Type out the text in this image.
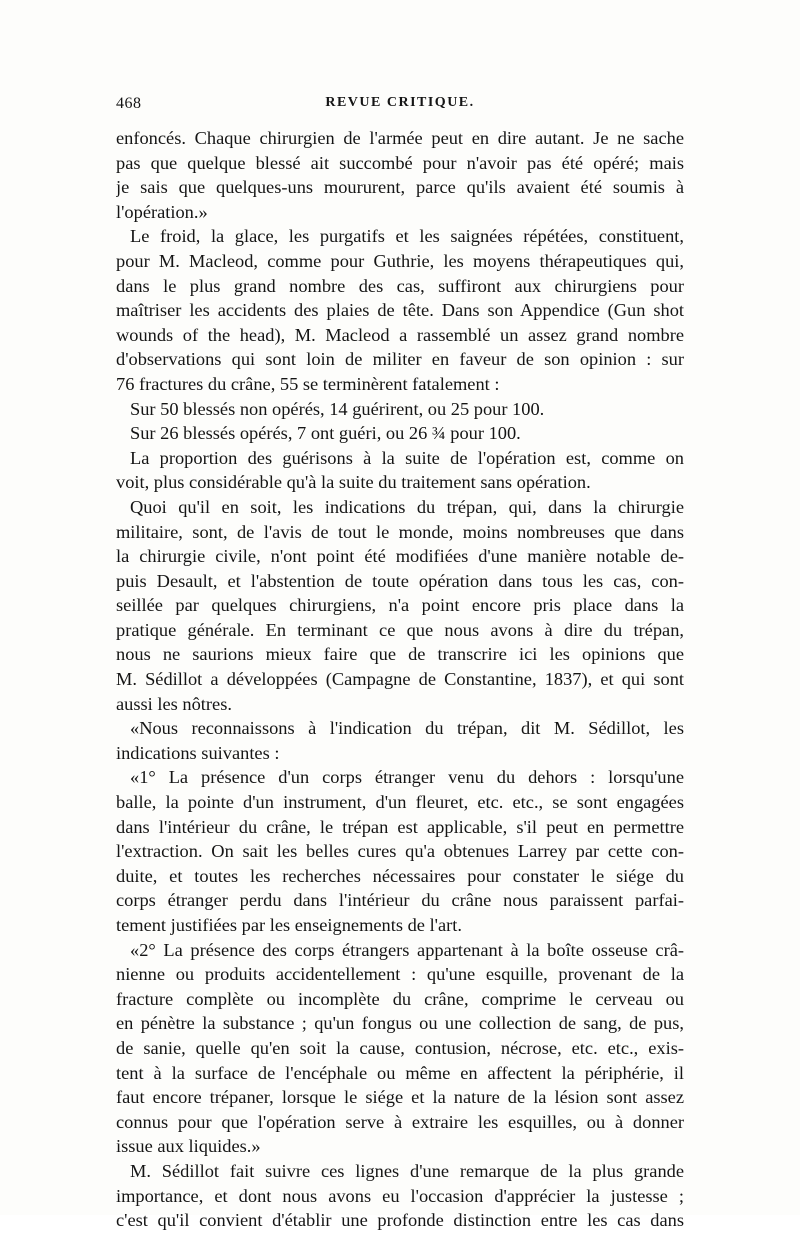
468	REVUE CRITIQUE.
enfoncés. Chaque chirurgien de l'armée peut en dire autant. Je ne sache
pas que quelque blessé ait succombé pour n'avoir pas été opéré; mais
je sais que quelques-uns moururent, parce qu'ils avaient été soumis à
l'opération.»
Le froid, la glace, les purgatifs et les saignées répétées, constituent,
pour M. Macleod, comme pour Guthrie, les moyens thérapeutiques qui,
dans le plus grand nombre des cas, suffiront aux chirurgiens pour
maîtriser les accidents des plaies de tête. Dans son Appendice (Gun shot
wounds of the head), M. Macleod a rassemblé un assez grand nombre
d'observations qui sont loin de militer en faveur de son opinion : sur
76 fractures du crâne, 55 se terminèrent fatalement :
Sur 50 blessés non opérés, 14 guérirent, ou 25 pour 100.
Sur 26 blessés opérés, 7 ont guéri, ou 26 ¾ pour 100.
La proportion des guérisons à la suite de l'opération est, comme on
voit, plus considérable qu'à la suite du traitement sans opération.
Quoi qu'il en soit, les indications du trépan, qui, dans la chirurgie
militaire, sont, de l'avis de tout le monde, moins nombreuses que dans
la chirurgie civile, n'ont point été modifiées d'une manière notable de-
puis Desault, et l'abstention de toute opération dans tous les cas, con-
seillée par quelques chirurgiens, n'a point encore pris place dans la
pratique générale. En terminant ce que nous avons à dire du trépan,
nous ne saurions mieux faire que de transcrire ici les opinions que
M. Sédillot a développées (Campagne de Constantine, 1837), et qui sont
aussi les nôtres.
«Nous reconnaissons à l'indication du trépan, dit M. Sédillot, les
indications suivantes :
«1° La présence d'un corps étranger venu du dehors : lorsqu'une
balle, la pointe d'un instrument, d'un fleuret, etc. etc., se sont engagées
dans l'intérieur du crâne, le trépan est applicable, s'il peut en permettre
l'extraction. On sait les belles cures qu'a obtenues Larrey par cette con-
duite, et toutes les recherches nécessaires pour constater le siége du
corps étranger perdu dans l'intérieur du crâne nous paraissent parfai-
tement justifiées par les enseignements de l'art.
«2° La présence des corps étrangers appartenant à la boîte osseuse crâ-
nienne ou produits accidentellement : qu'une esquille, provenant de la
fracture complète ou incomplète du crâne, comprime le cerveau ou
en pénètre la substance ; qu'un fongus ou une collection de sang, de pus,
de sanie, quelle qu'en soit la cause, contusion, nécrose, etc. etc., exis-
tent à la surface de l'encéphale ou même en affectent la périphérie, il
faut encore trépaner, lorsque le siége et la nature de la lésion sont assez
connus pour que l'opération serve à extraire les esquilles, ou à donner
issue aux liquides.»
M. Sédillot fait suivre ces lignes d'une remarque de la plus grande
importance, et dont nous avons eu l'occasion d'apprécier la justesse ;
c'est qu'il convient d'établir une profonde distinction entre les cas dans
